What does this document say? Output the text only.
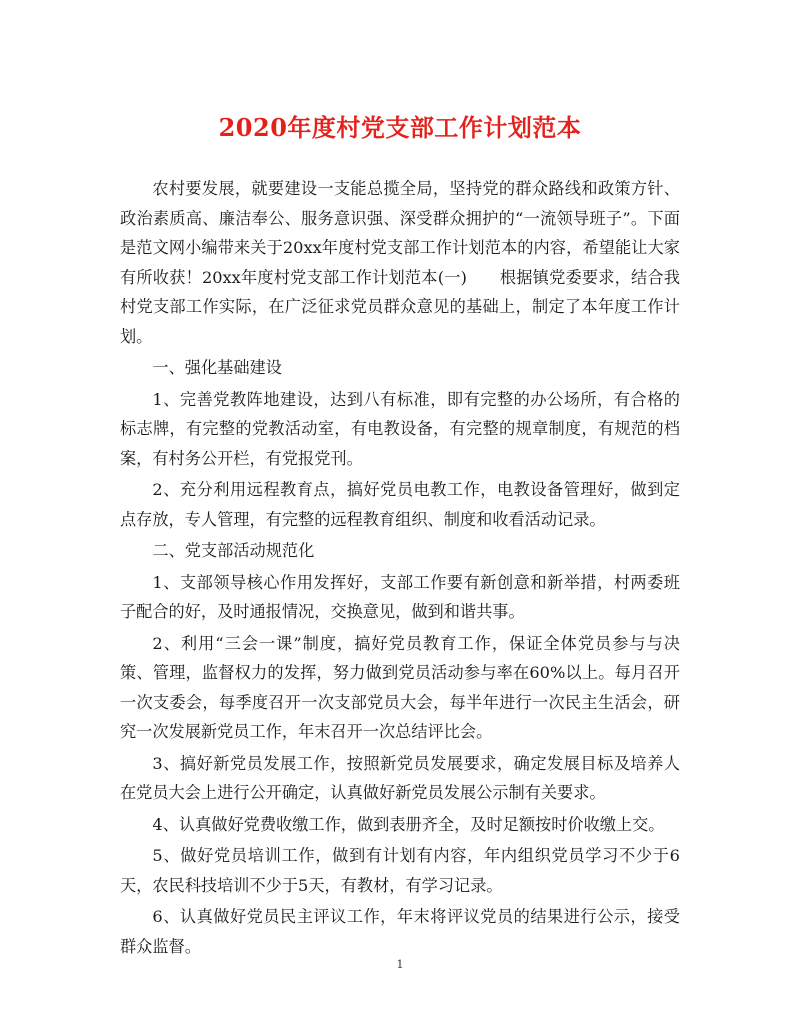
2020年度村党支部工作计划范本

农村要发展，就要建设一支能总揽全局，坚持党的群众路线和政策方针、政治素质高、廉洁奉公、服务意识强、深受群众拥护的“一流领导班子”。下面是范文网小编带来关于20xx年度村党支部工作计划范本的内容，希望能让大家有所收获！20xx年度村党支部工作计划范本(一)　　根据镇党委要求，结合我村党支部工作实际，在广泛征求党员群众意见的基础上，制定了本年度工作计划。

一、强化基础建设

1、完善党教阵地建设，达到八有标准，即有完整的办公场所，有合格的标志牌，有完整的党教活动室，有电教设备，有完整的规章制度，有规范的档案，有村务公开栏，有党报党刊。

2、充分利用远程教育点，搞好党员电教工作，电教设备管理好，做到定点存放，专人管理，有完整的远程教育组织、制度和收看活动记录。

二、党支部活动规范化

1、支部领导核心作用发挥好，支部工作要有新创意和新举措，村两委班子配合的好，及时通报情况，交换意见，做到和谐共事。

2、利用“三会一课”制度，搞好党员教育工作，保证全体党员参与与决策、管理，监督权力的发挥，努力做到党员活动参与率在60%以上。每月召开一次支委会，每季度召开一次支部党员大会，每半年进行一次民主生活会，研究一次发展新党员工作，年末召开一次总结评比会。

3、搞好新党员发展工作，按照新党员发展要求，确定发展目标及培养人在党员大会上进行公开确定，认真做好新党员发展公示制有关要求。

4、认真做好党费收缴工作，做到表册齐全，及时足额按时价收缴上交。

5、做好党员培训工作，做到有计划有内容，年内组织党员学习不少于6天，农民科技培训不少于5天，有教材，有学习记录。

6、认真做好党员民主评议工作，年末将评议党员的结果进行公示，接受群众监督。

1
